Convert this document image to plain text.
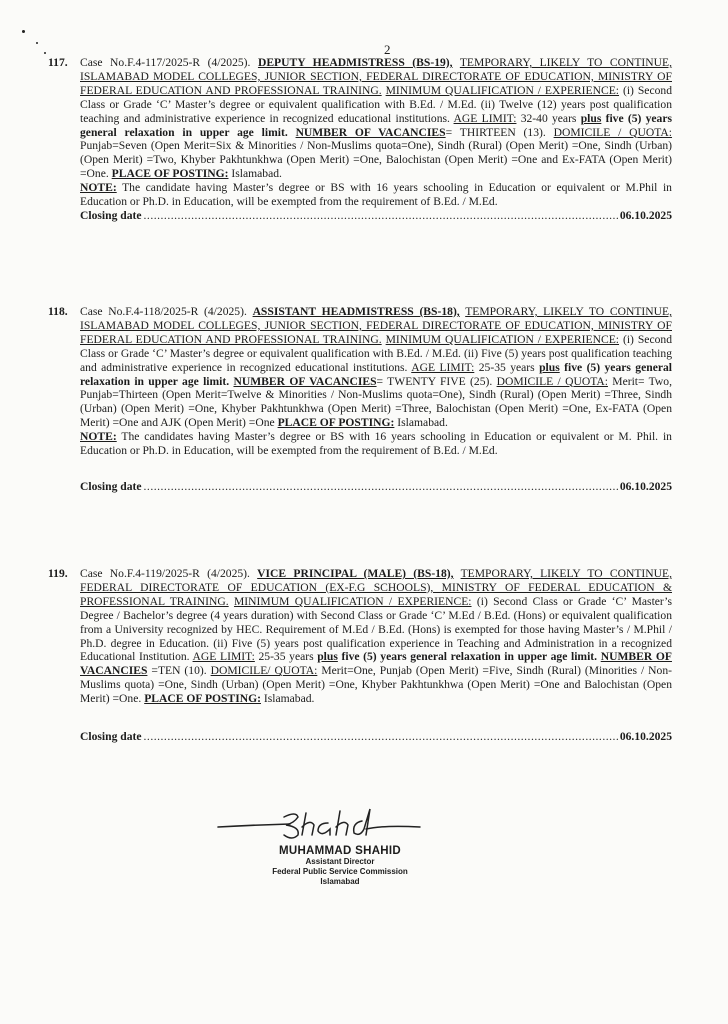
2
117.	Case No.F.4-117/2025-R (4/2025). DEPUTY HEADMISTRESS (BS-19), TEMPORARY, LIKELY TO CONTINUE, ISLAMABAD MODEL COLLEGES, JUNIOR SECTION, FEDERAL DIRECTORATE OF EDUCATION, MINISTRY OF FEDERAL EDUCATION AND PROFESSIONAL TRAINING. MINIMUM QUALIFICATION / EXPERIENCE: (i) Second Class or Grade ‘C’ Master’s degree or equivalent qualification with B.Ed. / M.Ed. (ii) Twelve (12) years post qualification teaching and administrative experience in recognized educational institutions. AGE LIMIT: 32-40 years plus five (5) years general relaxation in upper age limit. NUMBER OF VACANCIES= THIRTEEN (13). DOMICILE / QUOTA: Punjab=Seven (Open Merit=Six & Minorities / Non-Muslims quota=One), Sindh (Rural) (Open Merit) =One, Sindh (Urban) (Open Merit) =Two, Khyber Pakhtunkhwa (Open Merit) =One, Balochistan (Open Merit) =One and Ex-FATA (Open Merit) =One. PLACE OF POSTING: Islamabad.

NOTE: The candidate having Master’s degree or BS with 16 years schooling in Education or equivalent or M.Phil in Education or Ph.D. in Education, will be exempted from the requirement of B.Ed. / M.Ed.

Closing date .....	06.10.2025
118.	Case No.F.4-118/2025-R (4/2025). ASSISTANT HEADMISTRESS (BS-18), TEMPORARY, LIKELY TO CONTINUE, ISLAMABAD MODEL COLLEGES, JUNIOR SECTION, FEDERAL DIRECTORATE OF EDUCATION, MINISTRY OF FEDERAL EDUCATION AND PROFESSIONAL TRAINING. MINIMUM QUALIFICATION / EXPERIENCE: (i) Second Class or Grade ‘C’ Master’s degree or equivalent qualification with B.Ed. / M.Ed. (ii) Five (5) years post qualification teaching and administrative experience in recognized educational institutions. AGE LIMIT: 25-35 years plus five (5) years general relaxation in upper age limit. NUMBER OF VACANCIES= TWENTY FIVE (25). DOMICILE / QUOTA: Merit= Two, Punjab=Thirteen (Open Merit=Twelve & Minorities / Non-Muslims quota=One), Sindh (Rural) (Open Merit) =Three, Sindh (Urban) (Open Merit) =One, Khyber Pakhtunkhwa (Open Merit) =Three, Balochistan (Open Merit) =One, Ex-FATA (Open Merit) =One and AJK (Open Merit) =One PLACE OF POSTING: Islamabad.

NOTE: The candidates having Master’s degree or BS with 16 years schooling in Education or equivalent or M. Phil. in Education or Ph.D. in Education, will be exempted from the requirement of B.Ed. / M.Ed.

Closing date .....	06.10.2025
119.	Case No.F.4-119/2025-R (4/2025). VICE PRINCIPAL (MALE) (BS-18), TEMPORARY, LIKELY TO CONTINUE, FEDERAL DIRECTORATE OF EDUCATION (EX-F.G SCHOOLS), MINISTRY OF FEDERAL EDUCATION & PROFESSIONAL TRAINING. MINIMUM QUALIFICATION / EXPERIENCE: (i) Second Class or Grade ‘C’ Master’s Degree / Bachelor’s degree (4 years duration) with Second Class or Grade ‘C’ M.Ed / B.Ed. (Hons) or equivalent qualification from a University recognized by HEC. Requirement of M.Ed / B.Ed. (Hons) is exempted for those having Master’s / M.Phil / Ph.D. degree in Education. (ii) Five (5) years post qualification experience in Teaching and Administration in a recognized Educational Institution. AGE LIMIT: 25-35 years plus five (5) years general relaxation in upper age limit. NUMBER OF VACANCIES =TEN (10). DOMICILE/ QUOTA: Merit=One, Punjab (Open Merit) =Five, Sindh (Rural) (Minorities / Non-Muslims quota) =One, Sindh (Urban) (Open Merit) =One, Khyber Pakhtunkhwa (Open Merit) =One and Balochistan (Open Merit) =One. PLACE OF POSTING: Islamabad.

Closing date .....	06.10.2025
MUHAMMAD SHAHID
Assistant Director
Federal Public Service Commission
Islamabad
